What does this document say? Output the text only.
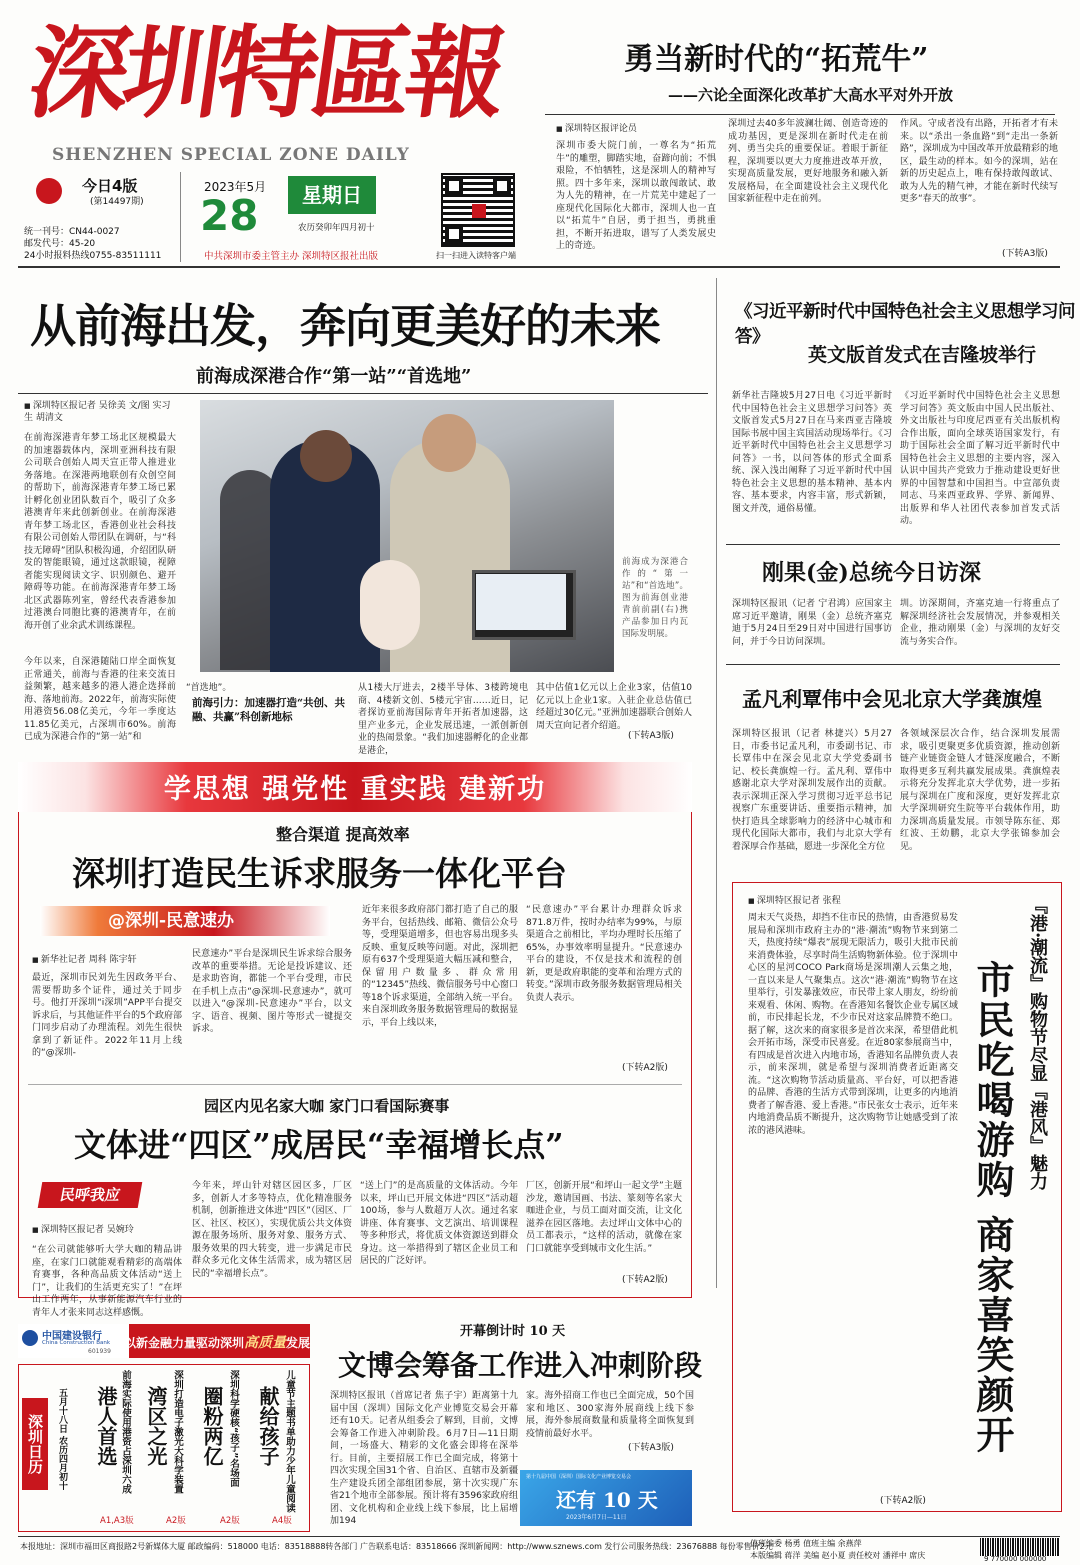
深圳特區報
SHENZHEN SPECIAL ZONE DAILY
今日4版
(第14497期)
统一刊号：CN44-0027
邮发代号：45-20
24小时报料热线0755-83511111
2023年5月
28	星期日
农历癸卯年四月初十
中共深圳市委主管主办 深圳特区报社出版	扫一扫进入读特客户端
勇当新时代的“拓荒牛”
——六论全面深化改革扩大高水平对外开放
■ 深圳特区报评论员
深圳市委大院门前，一尊名为“拓荒牛”的雕塑，脚踏实地，奋蹄向前；不惧艰险，不怕牺牲，这是深圳人的精神写照。四十多年来，深圳以敢闯敢试、敢为人先的精神，在一片荒芜中建起了一座现代化国际化大都市，深圳人也一直以“拓荒牛”自居，勇于担当，勇挑重担，不断开拓进取，谱写了人类发展史上的奇迹。
深圳过去40多年波澜壮阔、创造奇迹的成功基因，更是深圳在新时代走在前列、勇当尖兵的重要保证。着眼于新征程，深圳要以更大力度推进改革开放，实现高质量发展，更好地服务和融入新发展格局，在全面建设社会主义现代化国家新征程中走在前列。
作风。守成者没有出路，开拓者才有未来。以“杀出一条血路”到“走出一条新路”，深圳成为中国改革开放最精彩的地区，最生动的样本。如今的深圳，站在新的历史起点上，唯有保持敢闯敢试、敢为人先的精气神，才能在新时代续写更多“春天的故事”。
(下转A3版)
从前海出发，奔向更美好的未来
前海成深港合作“第一站”“首选地”
■ 深圳特区报记者 吴徐美 文/图 实习生 胡清文
在前海深港青年梦工场北区规模最大的加速器载体内，深圳亚洲科技有限公司联合创始人周天宣正带人推进业务落地。在深港两地联创有众创空间的帮助下，前海深港青年梦工场已累计孵化创业团队数百个，吸引了众多港澳青年来此创新创业。在前海深港青年梦工场北区，香港创业社会科技有限公司创始人带团队在调研，与“科技无障碍”团队积极沟通，介绍团队研发的智能眼镜，通过这款眼镜，视障者能实现阅读文字、识别颜色、避开障碍等功能。在前海深港青年梦工场北区武器陈列室，曾经代表香港参加过港澳台同胞比赛的港澳青年，在前海开创了业余武术训练课程。
今年以来，自深港随陆口岸全面恢复正常通关，前海与香港的往来交流日益频繁，越来越多的港人港企选择前海、落地前海。2022年，前海实际使用港资56.08亿美元，今年一季度达11.85亿美元，占深圳市60%。前海已成为深港合作的“第一站”和
前海成为深港合作的“第一站”和“首选地”。图为前海创业港青前前副(右)携产品参加日内瓦国际发明展。
“首选地”。
前海引力：加速器打造“共创、共融、共赢”科创新地标
从1楼大厅进去，2楼半导体、3楼跨境电商、4楼新文创、5楼元宇宙……近日，记者探访亚前海国际青年开拓者加速器，这里产业多元，企业发展迅速，一派创新创业的热闹景象。“我们加速器孵化的企业都是港企，
其中估值1亿元以上企业3家，估值10亿元以上企业1家。入驻企业总估值已经超过30亿元。”亚洲加速器联合创始人周天宣向记者介绍道。
(下转A3版)
《习近平新时代中国特色社会主义思想学习问答》
英文版首发式在吉隆坡举行
新华社吉隆坡5月27日电《习近平新时代中国特色社会主义思想学习问答》英文版首发式5月27日在马来西亚吉隆坡国际书展中国主宾国活动现场举行。《习近平新时代中国特色社会主义思想学习问答》一书，以问答体的形式全面系统、深入浅出阐释了习近平新时代中国特色社会主义思想的基本精神、基本内容、基本要求，内容丰富，形式新颖，图文并茂，通俗易懂。
《习近平新时代中国特色社会主义思想学习问答》英文版由中国人民出版社、外文出版社与印度尼西亚有关出版机构合作出版，面向全球英语国家发行，有助于国际社会全面了解习近平新时代中国特色社会主义思想的主要内容，深入认识中国共产党致力于推动建设更好世界的中国智慧和中国担当。中宣部负责同志、马来西亚政界、学界、新闻界、出版界和华人社团代表参加首发式活动。
刚果(金)总统今日访深
深圳特区报讯（记者 宁君鸿）应国家主席习近平邀请，刚果（金）总统齐塞克迪于5月24日至29日对中国进行国事访问，并于今日访问深圳。
圳。访深期间，齐塞克迪一行将重点了解深圳经济社会发展情况，并参观相关企业，推动刚果（金）与深圳的友好交流与务实合作。
孟凡利覃伟中会见北京大学龚旗煌
深圳特区报讯（记者 林捷兴）5月27日，市委书记孟凡利，市委副书记、市长覃伟中在深会见北京大学党委副书记、校长龚旗煌一行。孟凡利、覃伟中感谢北京大学对深圳发展作出的贡献。表示深圳正深入学习贯彻习近平总书记视察广东重要讲话、重要指示精神，加快打造具全球影响力的经济中心城市和现代化国际大都市，我们与北京大学有着深厚合作基础，愿进一步深化全方位
各领域深层次合作，结合深圳发展需求，吸引更聚更多优质资源，推动创新链产业链资金链人才链深度融合，不断取得更多互利共赢发展成果。龚旗煌表示将充分发挥北京大学优势，进一步拓展与深圳在广度和深度，更好发挥北京大学深圳研究生院等平台载体作用，助力深圳高质量发展。市领导陈东征、郑红波、王幼鹏，北京大学张锦参加会见。
■ 深圳特区报记者 张程
周末天气炎热，却挡不住市民的热情，由香港贸易发展局和深圳市政府主办的“港·潮流”购物节来到第二天，热度持续“爆表”展现无限活力，吸引大批市民前来消费体验，尽享时尚生活购物新体验。位于深圳中心区的星河COCO Park商场是深圳潮人云集之地，一直以来是人气聚集点。这次“港·潮流”购物节在这里举行，引发暴涨效应，市民带上家人朋友，纷纷前来观看、休闲、购物。在香港知名餐饮企业专属区域前，市民排起长龙，不少市民对这家品牌赞不绝口。据了解，这次来的商家很多是首次来深，希望借此机会开拓市场，深受市民喜爱。在近80家参展商当中，有四成是首次进入内地市场，香港知名品牌负责人表示，前来深圳，就是希望与深圳消费者近距离交流。“这次购物节活动质量高、平台好，可以把香港的品牌、香港的生活方式带到深圳，让更多的内地消费者了解香港、爱上香港。”市民张女士表示，近年来内地消费品质不断提升，这次购物节让她感受到了浓浓的港风港味。
(下转A2版)
『港·潮流』购物节尽显『港风』魅力
市民吃喝游购 商家喜笑颜开
学思想 强党性 重实践 建新功
整合渠道 提高效率
深圳打造民生诉求服务一体化平台
@深圳-民意速办
■ 新华社记者 周科 陈宇轩
最近，深圳市民刘先生因政务平台、需要帮助多个证件，通过关于同步号。他打开深圳“i深圳”APP平台提交诉求后，与其他证件平台的5个政府部门同步启动了办理流程。刘先生很快拿到了新证件。2022年11月上线的“@深圳-
民意速办”平台是深圳民生诉求综合服务改革的重要举措。无论是投诉建议、还是求助咨询，都能一个平台受理，市民在手机上点击“@深圳-民意速办”，就可以进入“@深圳-民意速办”平台，以文字、语音、视频、图片等形式一键提交诉求。
近年来很多政府部门都打造了自己的服务平台，包括热线、邮箱、微信公众号等，受理渠道增多，但也容易出现多头反映、重复反映等问题。对此，深圳把原有637个受理渠道大幅压减和整合，保留用户数量多、群众常用的“12345”热线、微信服务号中心窗口等18个诉求渠道，全部纳入统一平台。来自深圳政务服务数据管理局的数据显示，平台上线以来，
“民意速办”平台累计办理群众诉求871.8万件，按时办结率为99%，与原渠道合之前相比，平均办理时长压缩了65%，办事效率明显提升。“民意速办平台的建设，不仅是技术和流程的创新，更是政府职能的变革和治理方式的转变。”深圳市政务服务数据管理局相关负责人表示。
(下转A2版)
园区内见名家大咖 家门口看国际赛事
文体进“四区”成居民“幸福增长点”
民呼我应
■ 深圳特区报记者 吴婉玲
“在公司就能够听大学大咖的精品讲座，在家门口就能观看精彩的高端体育赛事，各种高品质文体活动“送上门”，让我们的生活更充实了！”在坪山工作两年，从事新能源汽车行业的青年人才张来同志这样感慨。
今年来，坪山针对辖区园区多，厂区多，创新人才多等特点，优化精准服务机制，创新推进文体进“四区”（园区、厂区、社区、校区），实现优质公共文体资源在服务场所、服务对象、服务方式、服务效果的四大转变，进一步满足市民群众多元化文体生活需求，成为辖区居民的“幸福增长点”。
“送上门”的是高质量的文体活动。今年以来，坪山已开展文体进“四区”活动超100场，参与人数超万人次。通过名家讲座、体育赛事、文艺演出、培训课程等多种形式，将优质文体资源送到群众身边。这一举措得到了辖区企业员工和居民的广泛好评。
厂区，创新开展“和坪山一起文学”主题沙龙，邀请国画、书法、篆刻等名家大咖进企业，与员工面对面交流，让文化滋养在园区落地。去过坪山文体中心的员工都表示，“这样的活动，就像在家门口就能享受到城市文化生活。”
(下转A2版)
中国建设银行
China Construction Bank
601939
以新金融力量驱动深圳高质量发展
深圳日历	五月十八日 农历四月初十 港人首选 前海实际使用港资占深圳六成
A1,A3版
湾区之光 深圳打造电子激光大科学装置
A2版
圈粉两亿 深圳科学硬核“孩子”名场面
A2版
献给孩子 儿童节主题书单助力少年儿童阅读
A4版
开幕倒计时 10 天
文博会筹备工作进入冲刺阶段
深圳特区报讯（首席记者 焦子宇）距离第十九届中国（深圳）国际文化产业博览交易会开幕还有10天。记者从组委会了解到，目前，文博会筹备工作进入冲刺阶段。6月7日—11日期间，一场盛大、精彩的文化盛会即将在深举行。目前，主要招展工作已全面完成，将第十四次实现全国31个省、自治区、直辖市及新疆生产建设兵团全部组团参展，第十次实现广东省21个地市全部参展。预计将有3596家政府组团、文化机构和企业线上线下参展，比上届增加194
家。海外招商工作也已全面完成，50个国家和地区、300家海外展商线上线下参展，海外参展商数量和质量将全面恢复到疫情前最好水平。
(下转A3版)
第十九届中国（深圳）国际文化产业博览交易会
还有 10 天
2023年6月7日—11日
本报地址：深圳市福田区商报路2号新媒体大厦 邮政编码：518000 电话：83518888转各部门 广告联系电话：83518666 深圳新闻网：http://www.sznews.com 发行公司服务热线：23676888 每份零售价2元
值班编委 杨勇 值班主编 余燕萍
本版编辑 蒋洋 美编 赵小夏 责任校对 潘祥中 席庆	9 770000 000000
